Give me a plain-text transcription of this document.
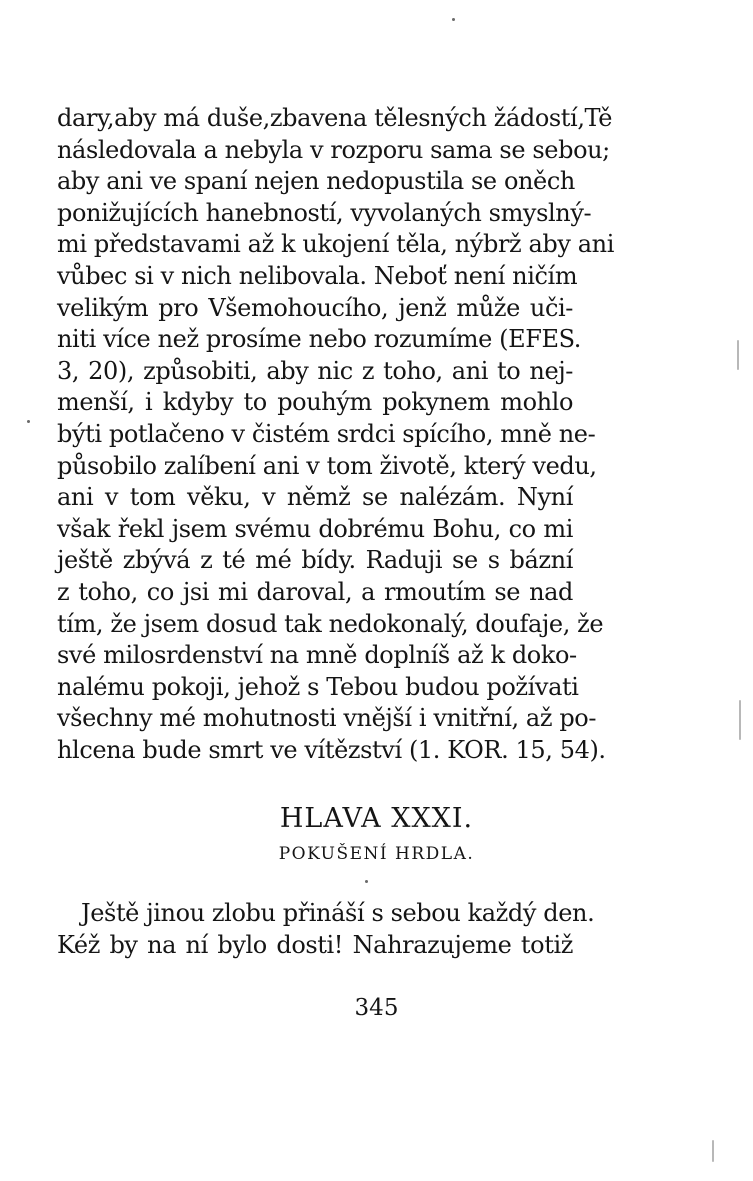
dary,aby má duše,zbavena tělesných žádostí,Tě
následovala a nebyla v rozporu sama se sebou;
aby ani ve spaní nejen nedopustila se oněch
ponižujících hanebností, vyvolaných smyslný-
mi představami až k ukojení těla, nýbrž aby ani
vůbec si v nich nelibovala. Neboť není ničím
velikým pro Všemohoucího, jenž může uči-
niti více než prosíme nebo rozumíme (EFES.
3, 20), způsobiti, aby nic z toho, ani to nej-
menší, i kdyby to pouhým pokynem mohlo
býti potlačeno v čistém srdci spícího, mně ne-
působilo zalíbení ani v tom životě, který vedu,
ani v tom věku, v němž se nalézám. Nyní
však řekl jsem svému dobrému Bohu, co mi
ještě zbývá z té mé bídy. Raduji se s bázní
z toho, co jsi mi daroval, a rmoutím se nad
tím, že jsem dosud tak nedokonalý, doufaje, že
své milosrdenství na mně doplníš až k doko-
nalému pokoji, jehož s Tebou budou požívati
všechny mé mohutnosti vnější i vnitřní, až po-
hlcena bude smrt ve vítězství (1. KOR. 15, 54).
HLAVA XXXI.
POKUŠENÍ HRDLA.
Ještě jinou zlobu přináší s sebou každý den.
Kéž by na ní bylo dosti! Nahrazujeme totiž
345
